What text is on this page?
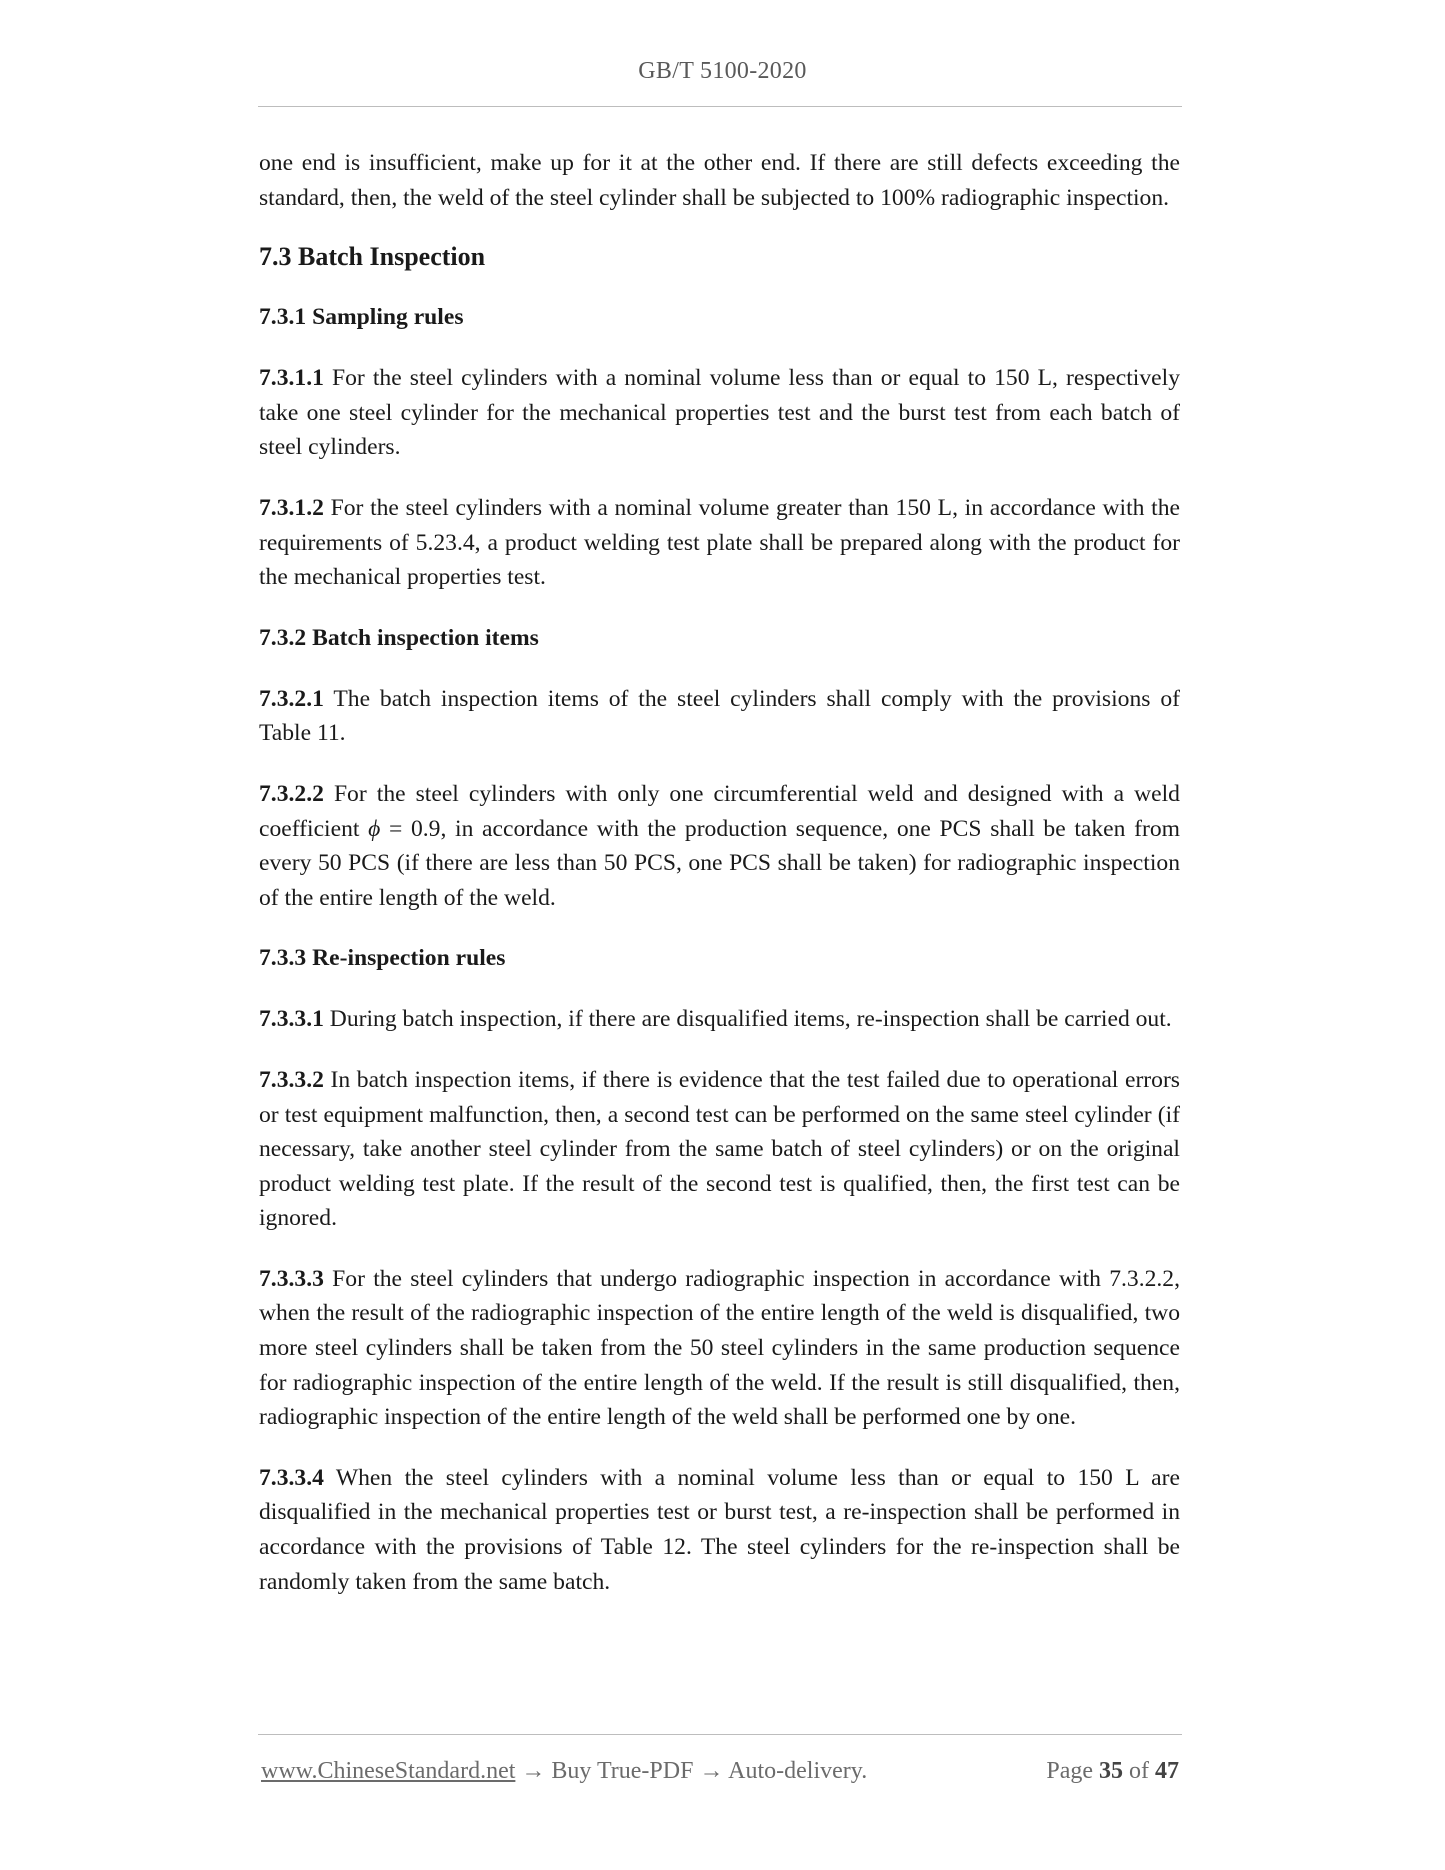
GB/T 5100-2020

one end is insufficient, make up for it at the other end. If there are still defects exceeding the standard, then, the weld of the steel cylinder shall be subjected to 100% radiographic inspection.

7.3 Batch Inspection
7.3.1 Sampling rules

7.3.1.1 For the steel cylinders with a nominal volume less than or equal to 150 L, respectively take one steel cylinder for the mechanical properties test and the burst test from each batch of steel cylinders.

7.3.1.2 For the steel cylinders with a nominal volume greater than 150 L, in accordance with the requirements of 5.23.4, a product welding test plate shall be prepared along with the product for the mechanical properties test.

7.3.2 Batch inspection items

7.3.2.1 The batch inspection items of the steel cylinders shall comply with the provisions of Table 11.

7.3.2.2 For the steel cylinders with only one circumferential weld and designed with a weld coefficient ϕ = 0.9, in accordance with the production sequence, one PCS shall be taken from every 50 PCS (if there are less than 50 PCS, one PCS shall be taken) for radiographic inspection of the entire length of the weld.

7.3.3 Re-inspection rules

7.3.3.1 During batch inspection, if there are disqualified items, re-inspection shall be carried out.

7.3.3.2 In batch inspection items, if there is evidence that the test failed due to operational errors or test equipment malfunction, then, a second test can be performed on the same steel cylinder (if necessary, take another steel cylinder from the same batch of steel cylinders) or on the original product welding test plate. If the result of the second test is qualified, then, the first test can be ignored.

7.3.3.3 For the steel cylinders that undergo radiographic inspection in accordance with 7.3.2.2, when the result of the radiographic inspection of the entire length of the weld is disqualified, two more steel cylinders shall be taken from the 50 steel cylinders in the same production sequence for radiographic inspection of the entire length of the weld. If the result is still disqualified, then, radiographic inspection of the entire length of the weld shall be performed one by one.

7.3.3.4 When the steel cylinders with a nominal volume less than or equal to 150 L are disqualified in the mechanical properties test or burst test, a re-inspection shall be performed in accordance with the provisions of Table 12. The steel cylinders for the re-inspection shall be randomly taken from the same batch.

www.ChineseStandard.net → Buy True-PDF → Auto-delivery.	Page 35 of 47
